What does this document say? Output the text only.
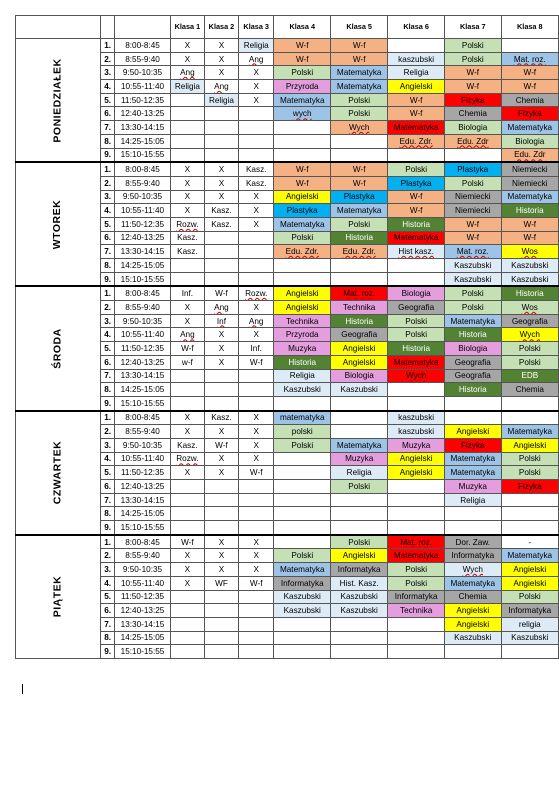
			Klasa 1	Klasa 2	Klasa 3	Klasa 4	Klasa 5	Klasa 6	Klasa 7	Klasa 8
PONIEDZIAŁEK	1.	8:00-8:45	X	X	Religia	W-f	W-f		Polski	
	2.	8:55-9:40	X	X	Ang	W-f	W-f	kaszubski	Polski	Mat. roz.
	3.	9:50-10:35	Ang	X	X	Polski	Matematyka	Religia	W-f	W-f
	4.	10:55-11:40	Religia	Ang	X	Przyroda	Matematyka	Angielski	W-f	W-f
	5.	11:50-12:35		Religia	X	Matematyka	Polski	W-f	Fizyka	Chemia
	6.	12:40-13:25				wych	Polski	W-f	Chemia	Fizyka
	7.	13:30-14:15					Wych	Matematyka	Biologia	Matematyka
	8.	14:25-15:05						Edu. Zdr.	Edu. Zdr	Biologia
	9.	15:10-15:55								Edu. Zdr
WTOREK	1.	8:00-8:45	X	X	Kasz.	W-f	W-f	Polski	Plastyka	Niemiecki
	2.	8:55-9:40	X	X	Kasz.	W-f	W-f	Plastyka	Polski	Niemiecki
	3.	9:50-10:35	X	X	X	Angielski	Plastyka	W-f	Niemiecki	Matematyka
	4.	10:55-11:40	X	Kasz.	X	Plastyka	Matematyka	W-f	Niemiecki	Historia
	5.	11:50-12:35	Rozw.	Kasz.	X	Matematyka	Polski	Historia	W-f	W-f
	6.	12:40-13:25	Kasz.			Polski	Historia	Matematyka	W-f	W-f
	7.	13:30-14:15	Kasz.			Edu. Zdr.	Edu. Zdr.	Hist kasz.	Mat. roz.	Wos
	8.	14:25-15:05							Kaszubski	Kaszubski
	9.	15:10-15:55							Kaszubski	Kaszubski
ŚRODA	1.	8:00-8:45	Inf.	W-f	Rozw.	Angielski	Mat. roz.	Biologia	Polski	Historia
	2.	8:55-9:40	X	Ang	X	Angielski	Technika	Geografia	Polski	Wos
	3.	9:50-10:35	X	Inf	Ang	Technika	Historia	Polski	Matematyka	Geografia
	4.	10:55-11:40	Ang	X	X	Przyroda	Geografia	Polski	Historia	Wych
	5.	11:50-12:35	W-f	X	Inf.	Muzyka	Angielski	Historia	Biologia	Polski
	6.	12:40-13:25	w-f	X	W-f	Historia	Angielski	Matematyka	Geografia	Polski
	7.	13:30-14:15				Religia	Biologia	Wych	Geografia	EDB
	8.	14:25-15:05				Kaszubski	Kaszubski		Historia	Chemia
	9.	15:10-15:55								
CZWARTEK	1.	8:00-8:45	X	Kasz.	X	matematyka		kaszubski		
	2.	8:55-9:40	X	X	X	polski		kaszubski	Angielski	Matematyka
	3.	9:50-10:35	Kasz.	W-f	X	Polski	Matematyka	Muzyka	Fizyka	Angielski
	4.	10:55-11:40	Rozw.	X	X		Muzyka	Angielski	Matematyka	Polski
	5.	11:50-12:35	X	X	W-f		Religia	Angielski	Matematyka	Polski
	6.	12:40-13:25					Polski		Muzyka	Fizyka
	7.	13:30-14:15							Religia	
	8.	14:25-15:05								
	9.	15:10-15:55								
PIĄTEK	1.	8:00-8:45	W-f	X	X		Polski	Mat. roz.	Dor. Zaw.	-
	2.	8:55-9:40	X	X	X	Polski	Angielski	Matematyka	Informatyka	Matematyka
	3.	9:50-10:35	X	X	X	Matematyka	Informatyka	Polski	Wych	Angielski
	4.	10:55-11:40	X	WF	W-f	Informatyka	Hist. Kasz.	Polski	Matematyka	Angielski
	5.	11:50-12:35				Kaszubski	Kaszubski	Informatyka	Chemia	Polski
	6.	12:40-13:25				Kaszubski	Kaszubski	Technika	Angielski	Informatyka
	7.	13:30-14:15							Angielski	religia
	8.	14:25-15:05							Kaszubski	Kaszubski
	9.	15:10-15:55								
